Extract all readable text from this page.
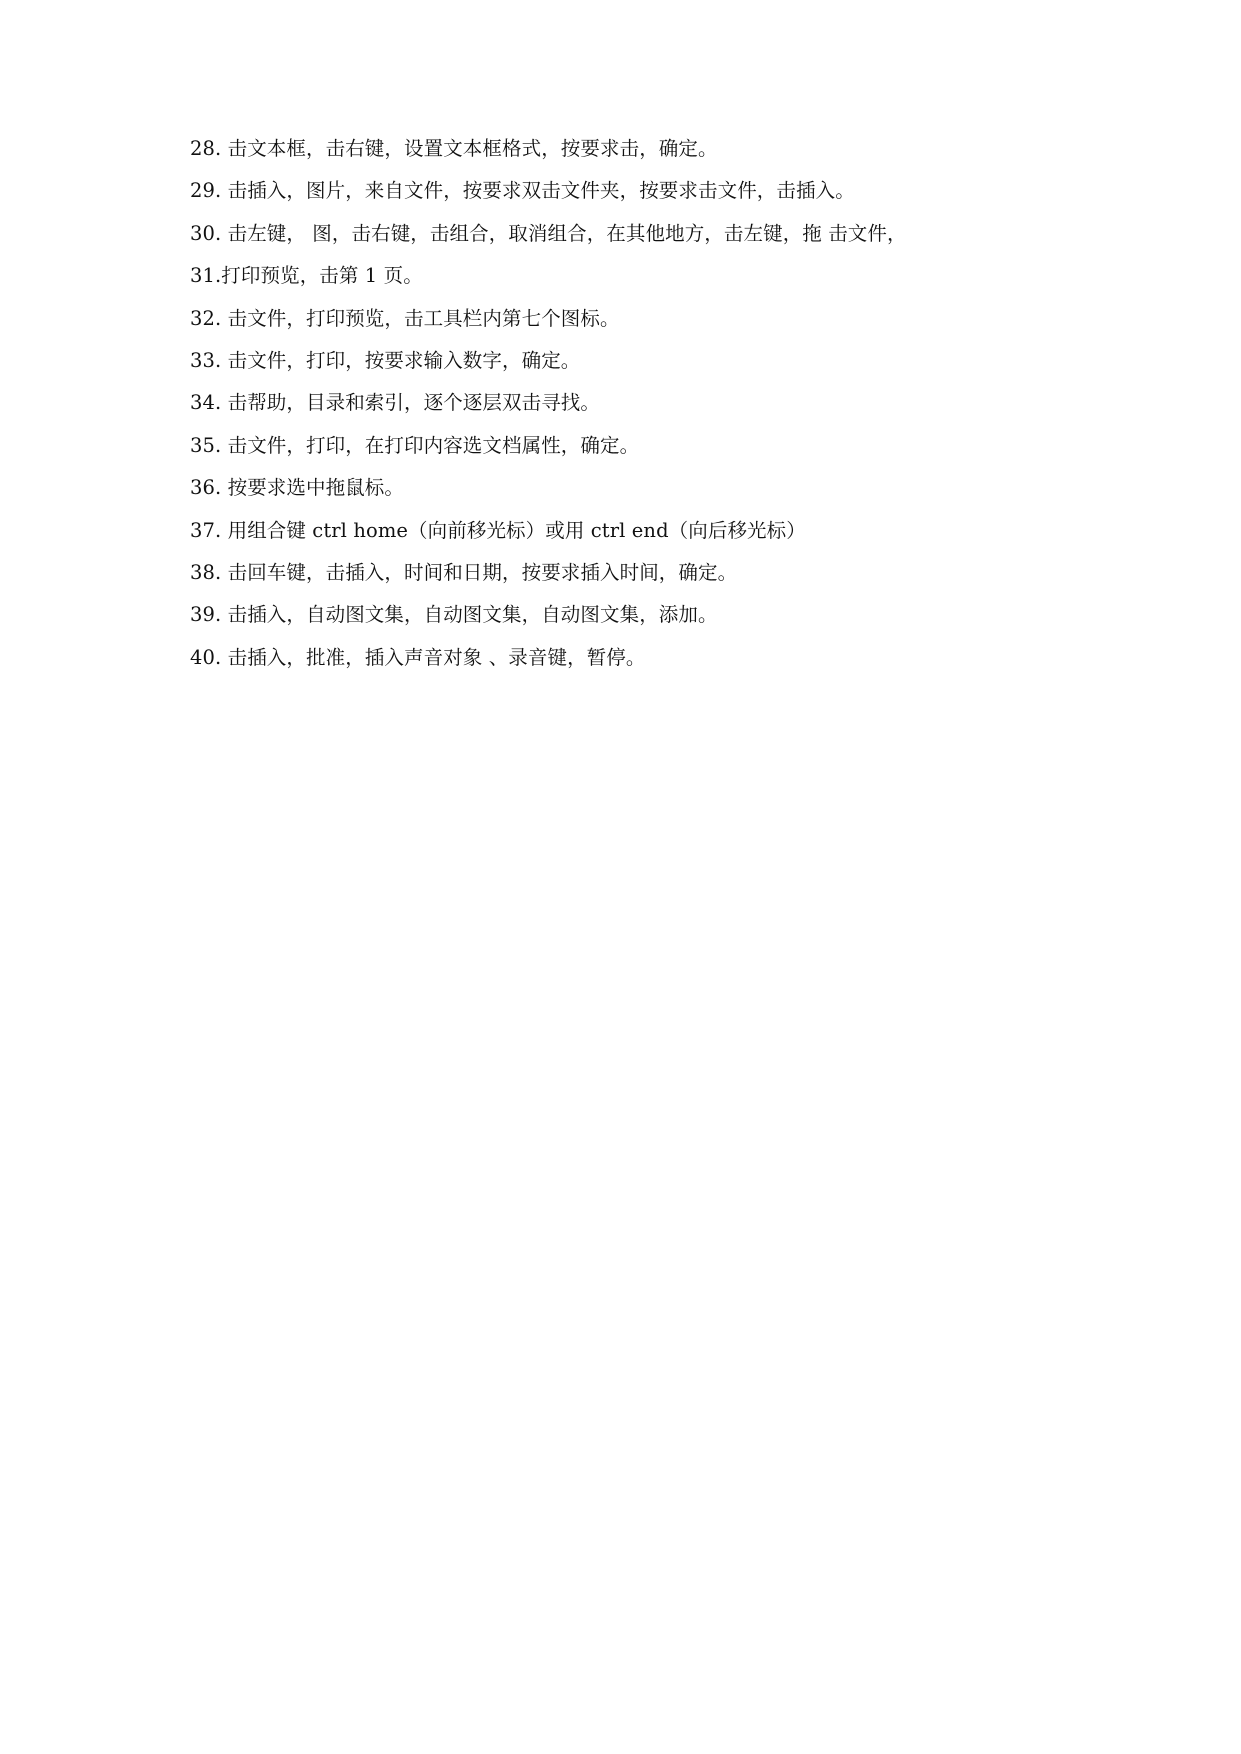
28. 击文本框，击右键，设置文本框格式，按要求击，确定。
29. 击插入，图片，来自文件，按要求双击文件夹，按要求击文件，击插入。
30. 击左键， 图，击右键，击组合，取消组合，在其他地方，击左键，拖 击文件，
31.打印预览，击第 1 页。
32. 击文件，打印预览，击工具栏内第七个图标。
33. 击文件，打印，按要求输入数字，确定。
34. 击帮助，目录和索引，逐个逐层双击寻找。
35. 击文件，打印，在打印内容选文档属性，确定。
36. 按要求选中拖鼠标。
37. 用组合键 ctrl home（向前移光标）或用 ctrl end（向后移光标）
38. 击回车键，击插入，时间和日期，按要求插入时间，确定。
39. 击插入，自动图文集，自动图文集，自动图文集，添加。
40. 击插入，批准，插入声音对象 、录音键，暂停。
